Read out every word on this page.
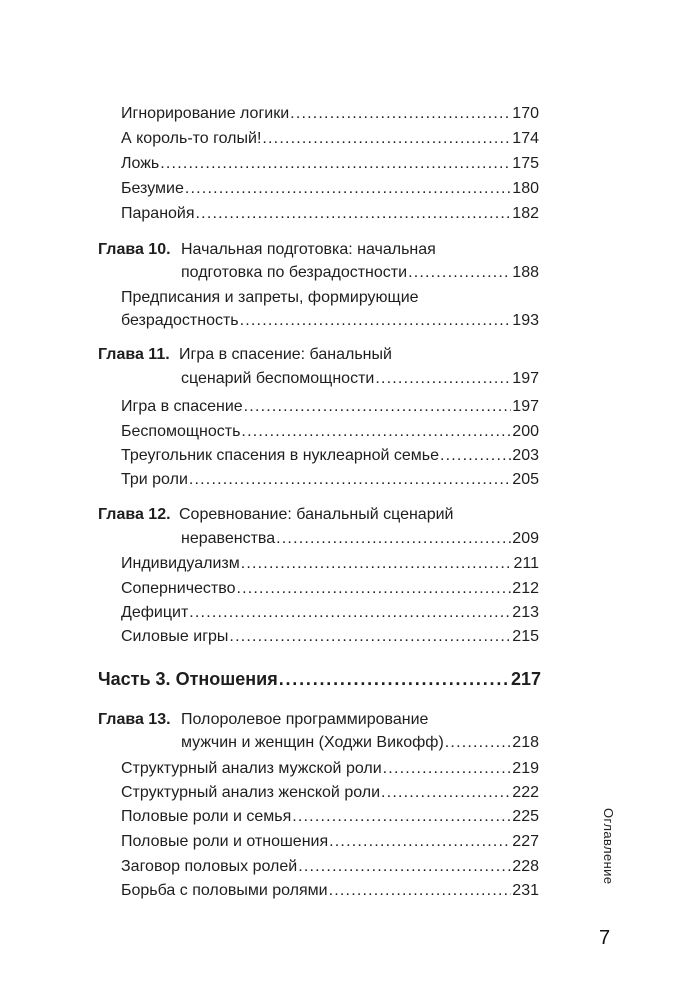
Игнорирование логики .....	170
А король-то голый! .....	174
Ложь .....	175
Безумие .....	180
Паранойя .....	182
Глава 10. Начальная подготовка: начальная
подготовка по безрадостности .....	188
Предписания и запреты, формирующие
безрадостность .....	193
Глава 11. Игра в спасение: банальный
сценарий беспомощности .....	197
Игра в спасение .....	197
Беспомощность .....	200
Треугольник спасения в нуклеарной семье .....	203
Три роли .....	205
Глава 12. Соревнование: банальный сценарий
неравенства .....	209
Индивидуализм .....	211
Соперничество .....	212
Дефицит .....	213
Силовые игры .....	215
Часть 3. Отношения .....	217
Глава 13. Полоролевое программирование
мужчин и женщин (Ходжи Викофф) .....	218
Структурный анализ мужской роли .....	219
Структурный анализ женской роли .....	222
Половые роли и семья .....	225
Половые роли и отношения .....	227
Заговор половых ролей .....	228
Борьба с половыми ролями .....	231
Оглавление
7
